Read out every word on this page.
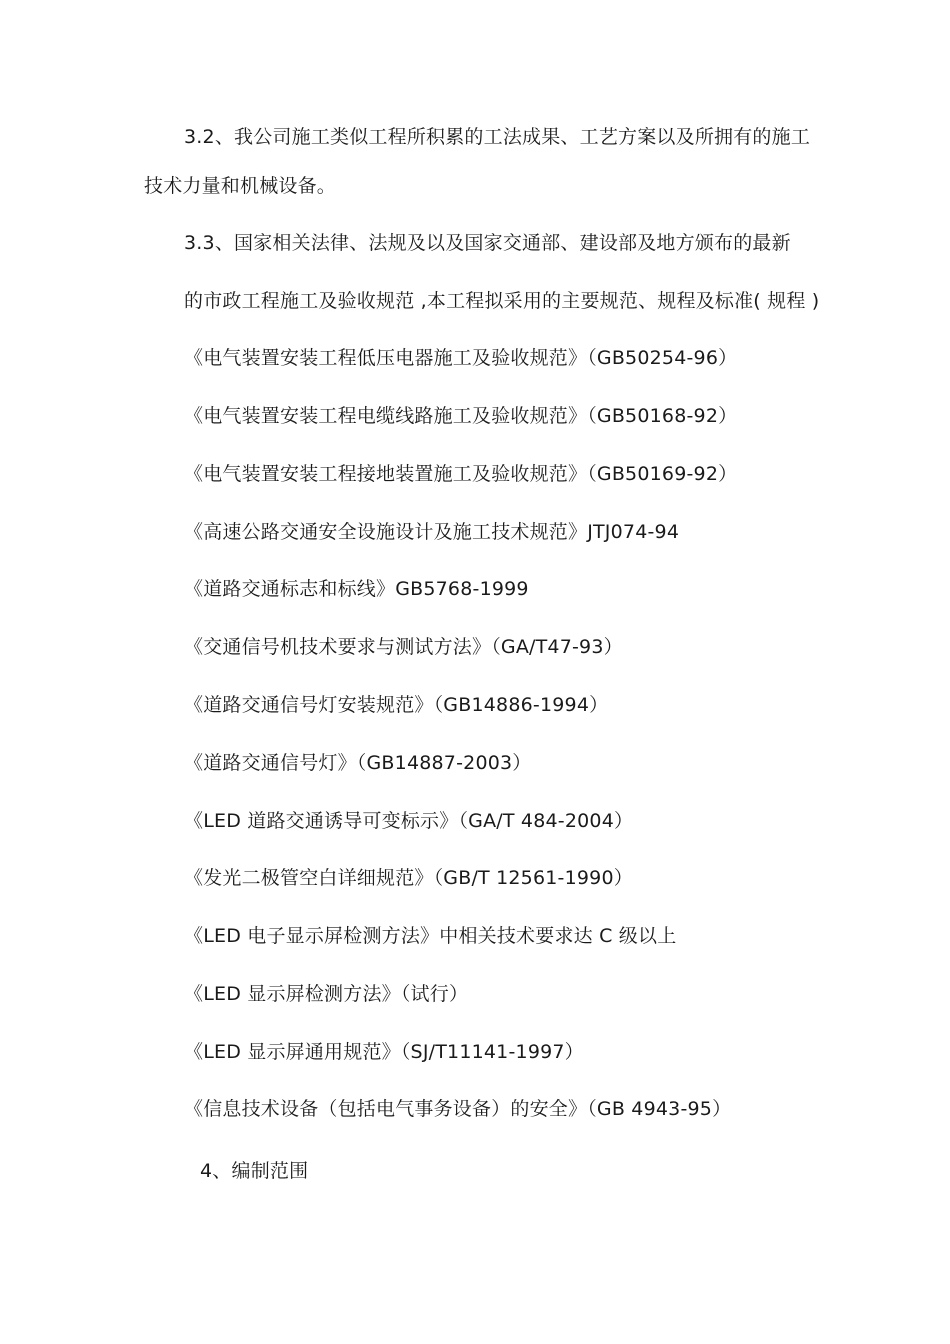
3.2、我公司施工类似工程所积累的工法成果、工艺方案以及所拥有的施工
技术力量和机械设备。
3.3、国家相关法律、法规及以及国家交通部、建设部及地方颁布的最新
的市政工程施工及验收规范 ,本工程拟采用的主要规范、规程及标准( 规程 )
《电气装置安装工程低压电器施工及验收规范》（GB50254-96）
《电气装置安装工程电缆线路施工及验收规范》（GB50168-92）
《电气装置安装工程接地装置施工及验收规范》（GB50169-92）
《高速公路交通安全设施设计及施工技术规范》JTJ074-94
《道路交通标志和标线》GB5768-1999
《交通信号机技术要求与测试方法》（GA/T47-93）
《道路交通信号灯安装规范》（GB14886-1994）
《道路交通信号灯》（GB14887-2003）
《LED 道路交通诱导可变标示》（GA/T 484-2004）
《发光二极管空白详细规范》（GB/T 12561-1990）
《LED 电子显示屏检测方法》中相关技术要求达 C 级以上
《LED 显示屏检测方法》（试行）
《LED 显示屏通用规范》（SJ/T11141-1997）
《信息技术设备（包括电气事务设备）的安全》（GB 4943-95）
4、编制范围
